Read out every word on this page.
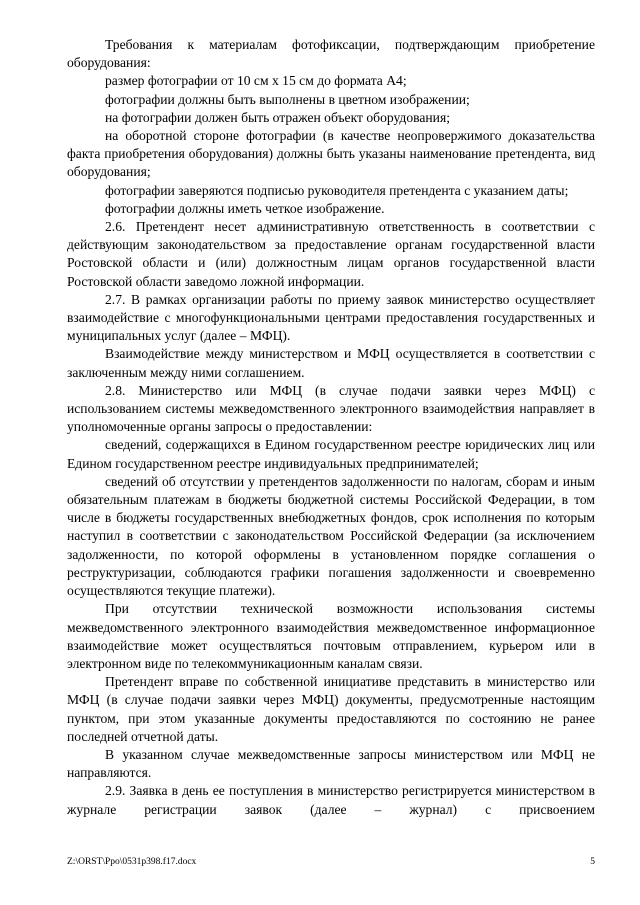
Требования к материалам фотофиксации, подтверждающим приобретение оборудования:

размер фотографии от 10 см х 15 см до формата А4;

фотографии должны быть выполнены в цветном изображении;

на фотографии должен быть отражен объект оборудования;

на оборотной стороне фотографии (в качестве неопровержимого доказательства факта приобретения оборудования) должны быть указаны наименование претендента, вид оборудования;

фотографии заверяются подписью руководителя претендента с указанием даты;

фотографии должны иметь четкое изображение.

2.6. Претендент несет административную ответственность в соответствии с действующим законодательством за предоставление органам государственной власти Ростовской области и (или) должностным лицам органов государственной власти Ростовской области заведомо ложной информации.

2.7. В рамках организации работы по приему заявок министерство осуществляет взаимодействие с многофункциональными центрами предоставления государственных и муниципальных услуг (далее – МФЦ).

Взаимодействие между министерством и МФЦ осуществляется в соответствии с заключенным между ними соглашением.

2.8. Министерство или МФЦ (в случае подачи заявки через МФЦ) с использованием системы межведомственного электронного взаимодействия направляет в уполномоченные органы запросы о предоставлении:

сведений, содержащихся в Едином государственном реестре юридических лиц или Едином государственном реестре индивидуальных предпринимателей;

сведений об отсутствии у претендентов задолженности по налогам, сборам и иным обязательным платежам в бюджеты бюджетной системы Российской Федерации, в том числе в бюджеты государственных внебюджетных фондов, срок исполнения по которым наступил в соответствии с законодательством Российской Федерации (за исключением задолженности, по которой оформлены в установленном порядке соглашения о реструктуризации, соблюдаются графики погашения задолженности и своевременно осуществляются текущие платежи).

При отсутствии технической возможности использования системы межведомственного электронного взаимодействия межведомственное информационное взаимодействие может осуществляться почтовым отправлением, курьером или в электронном виде по телекоммуникационным каналам связи.

Претендент вправе по собственной инициативе представить в министерство или МФЦ (в случае подачи заявки через МФЦ) документы, предусмотренные настоящим пунктом, при этом указанные документы предоставляются по состоянию не ранее последней отчетной даты.

В указанном случае межведомственные запросы министерством или МФЦ не направляются.

2.9. Заявка в день ее поступления в министерство регистрируется министерством в журнале регистрации заявок (далее – журнал) с присвоением

Z:\ORST\Ppo\0531p398.f17.docx	5
